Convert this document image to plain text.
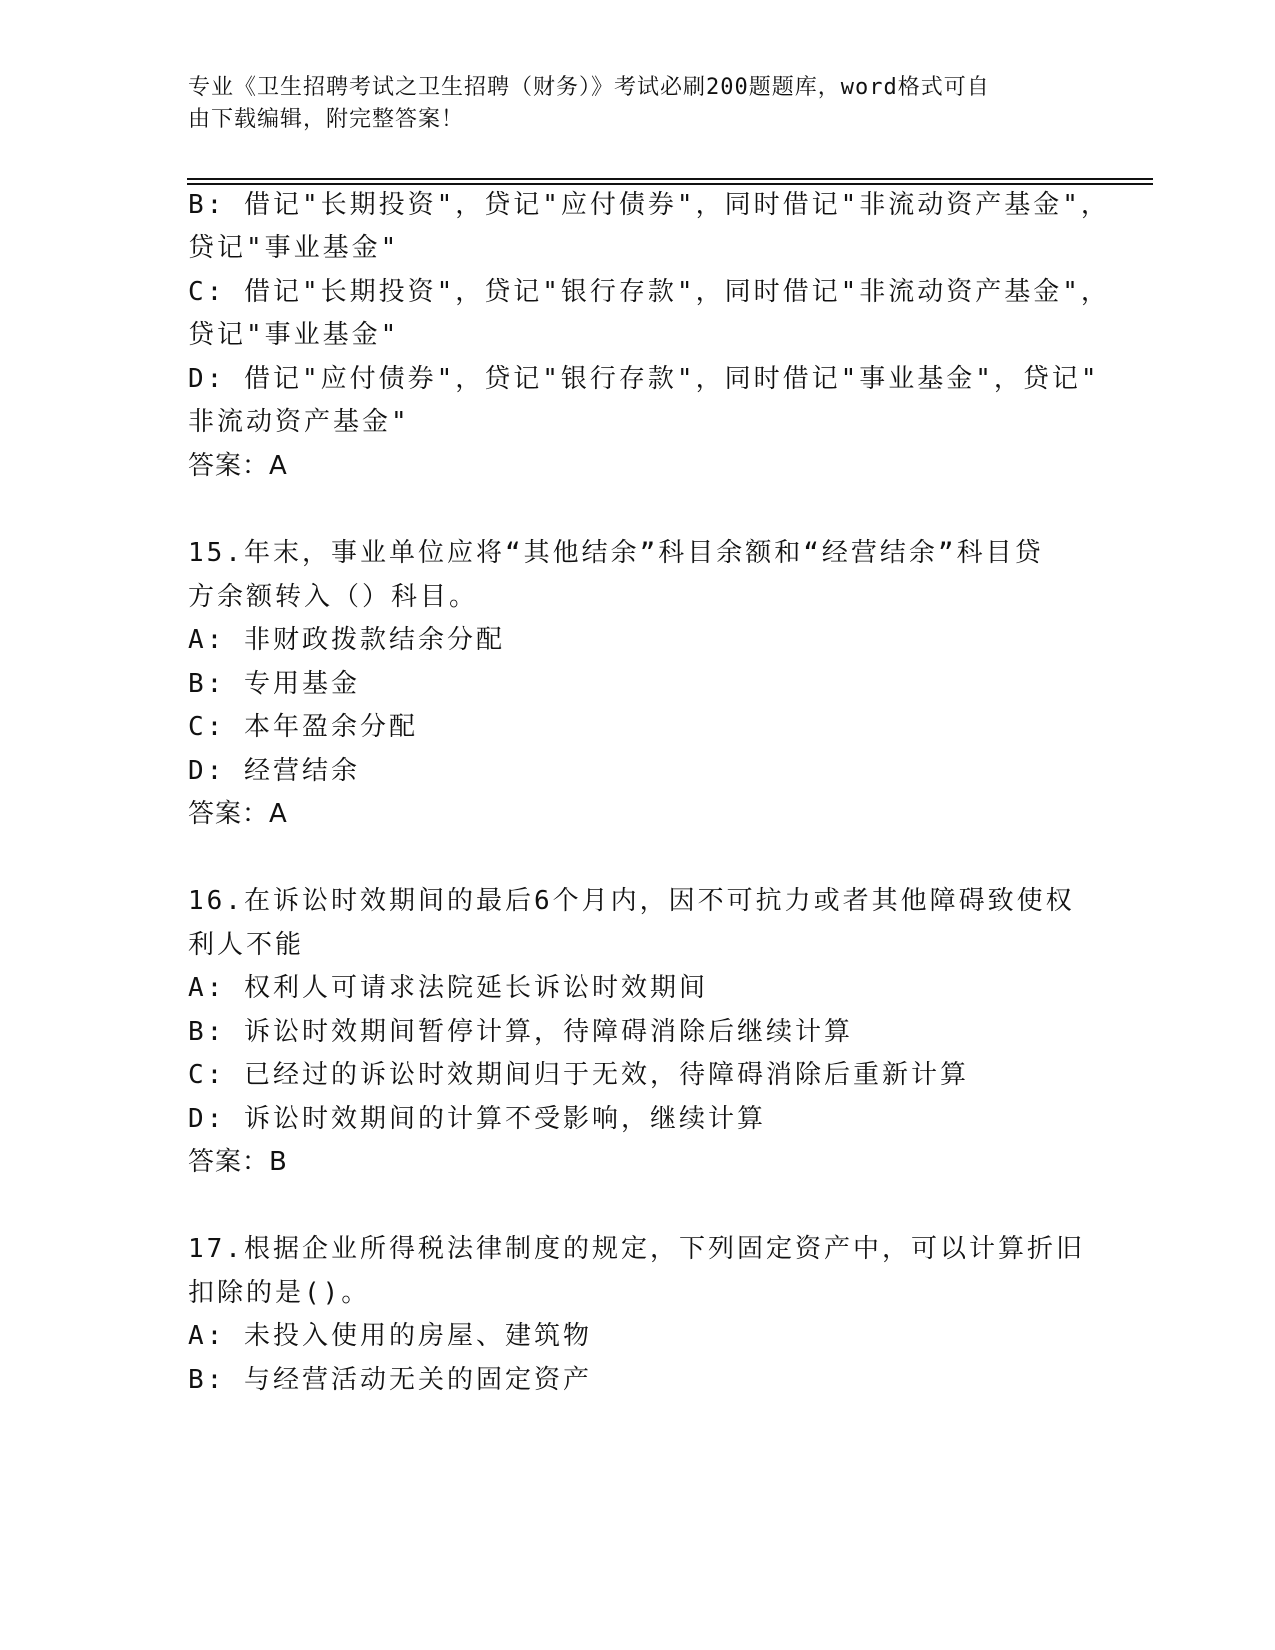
专业《卫生招聘考试之卫生招聘（财务）》考试必刷200题题库，word格式可自
由下载编辑，附完整答案！
B: 借记"长期投资"，贷记"应付债券"，同时借记"非流动资产基金"，
贷记"事业基金"
C: 借记"长期投资"，贷记"银行存款"，同时借记"非流动资产基金"，
贷记"事业基金"
D: 借记"应付债券"，贷记"银行存款"，同时借记"事业基金"，贷记"
非流动资产基金"
答案：A
15.年末，事业单位应将“其他结余”科目余额和“经营结余”科目贷
方余额转入（）科目。
A: 非财政拨款结余分配
B: 专用基金
C: 本年盈余分配
D: 经营结余
答案：A
16.在诉讼时效期间的最后6个月内，因不可抗力或者其他障碍致使权
利人不能
A: 权利人可请求法院延长诉讼时效期间
B: 诉讼时效期间暂停计算，待障碍消除后继续计算
C: 已经过的诉讼时效期间归于无效，待障碍消除后重新计算
D: 诉讼时效期间的计算不受影响，继续计算
答案：B
17.根据企业所得税法律制度的规定，下列固定资产中，可以计算折旧
扣除的是()。
A: 未投入使用的房屋、建筑物
B: 与经营活动无关的固定资产
